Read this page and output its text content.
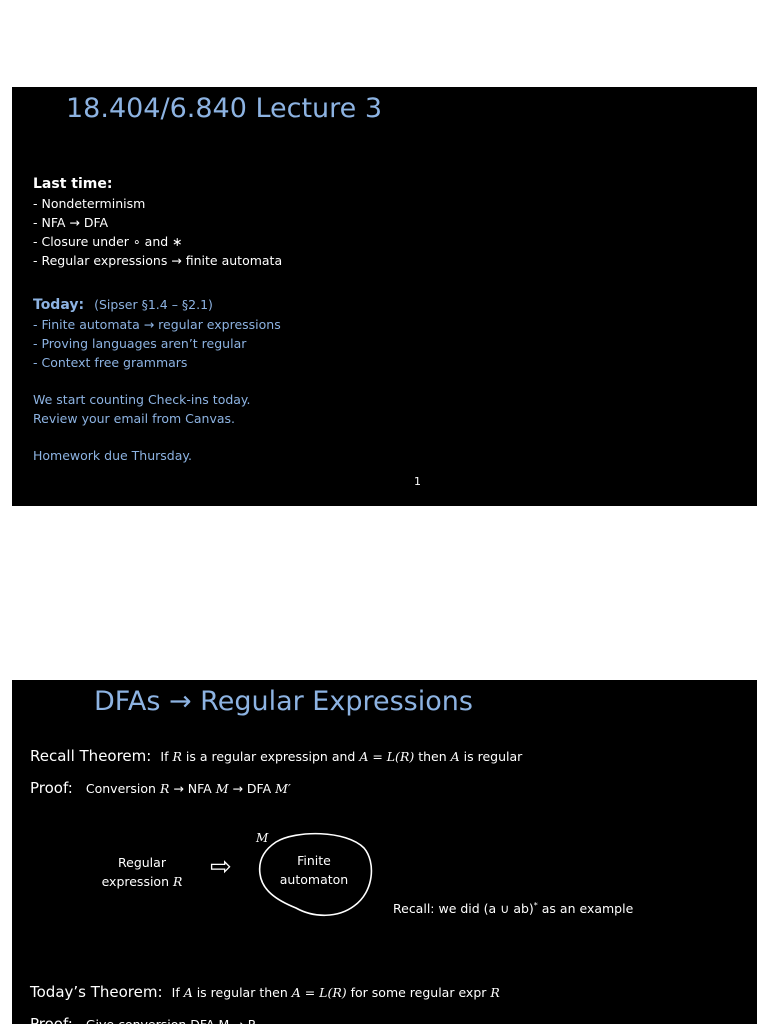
18.404/6.840 Lecture 3
Last time:
- Nondeterminism
- NFA → DFA
- Closure under ∘ and ∗
- Regular expressions → finite automata
Today: (Sipser §1.4 – §2.1)
- Finite automata → regular expressions
- Proving languages aren’t regular
- Context free grammars
We start counting Check-ins today.
Review your email from Canvas.
Homework due Thursday.
1
DFAs → Regular Expressions
Recall Theorem: If R is a regular expressipn and A = L(R) then A is regular
Proof: Conversion R → NFA M → DFA M′
Regular
expression R ⇨
M
Finite
automaton
Recall: we did (a ∪ ab)* as an example
Today’s Theorem: If A is regular then A = L(R) for some regular expr R
Proof: Give conversion DFA M → R
